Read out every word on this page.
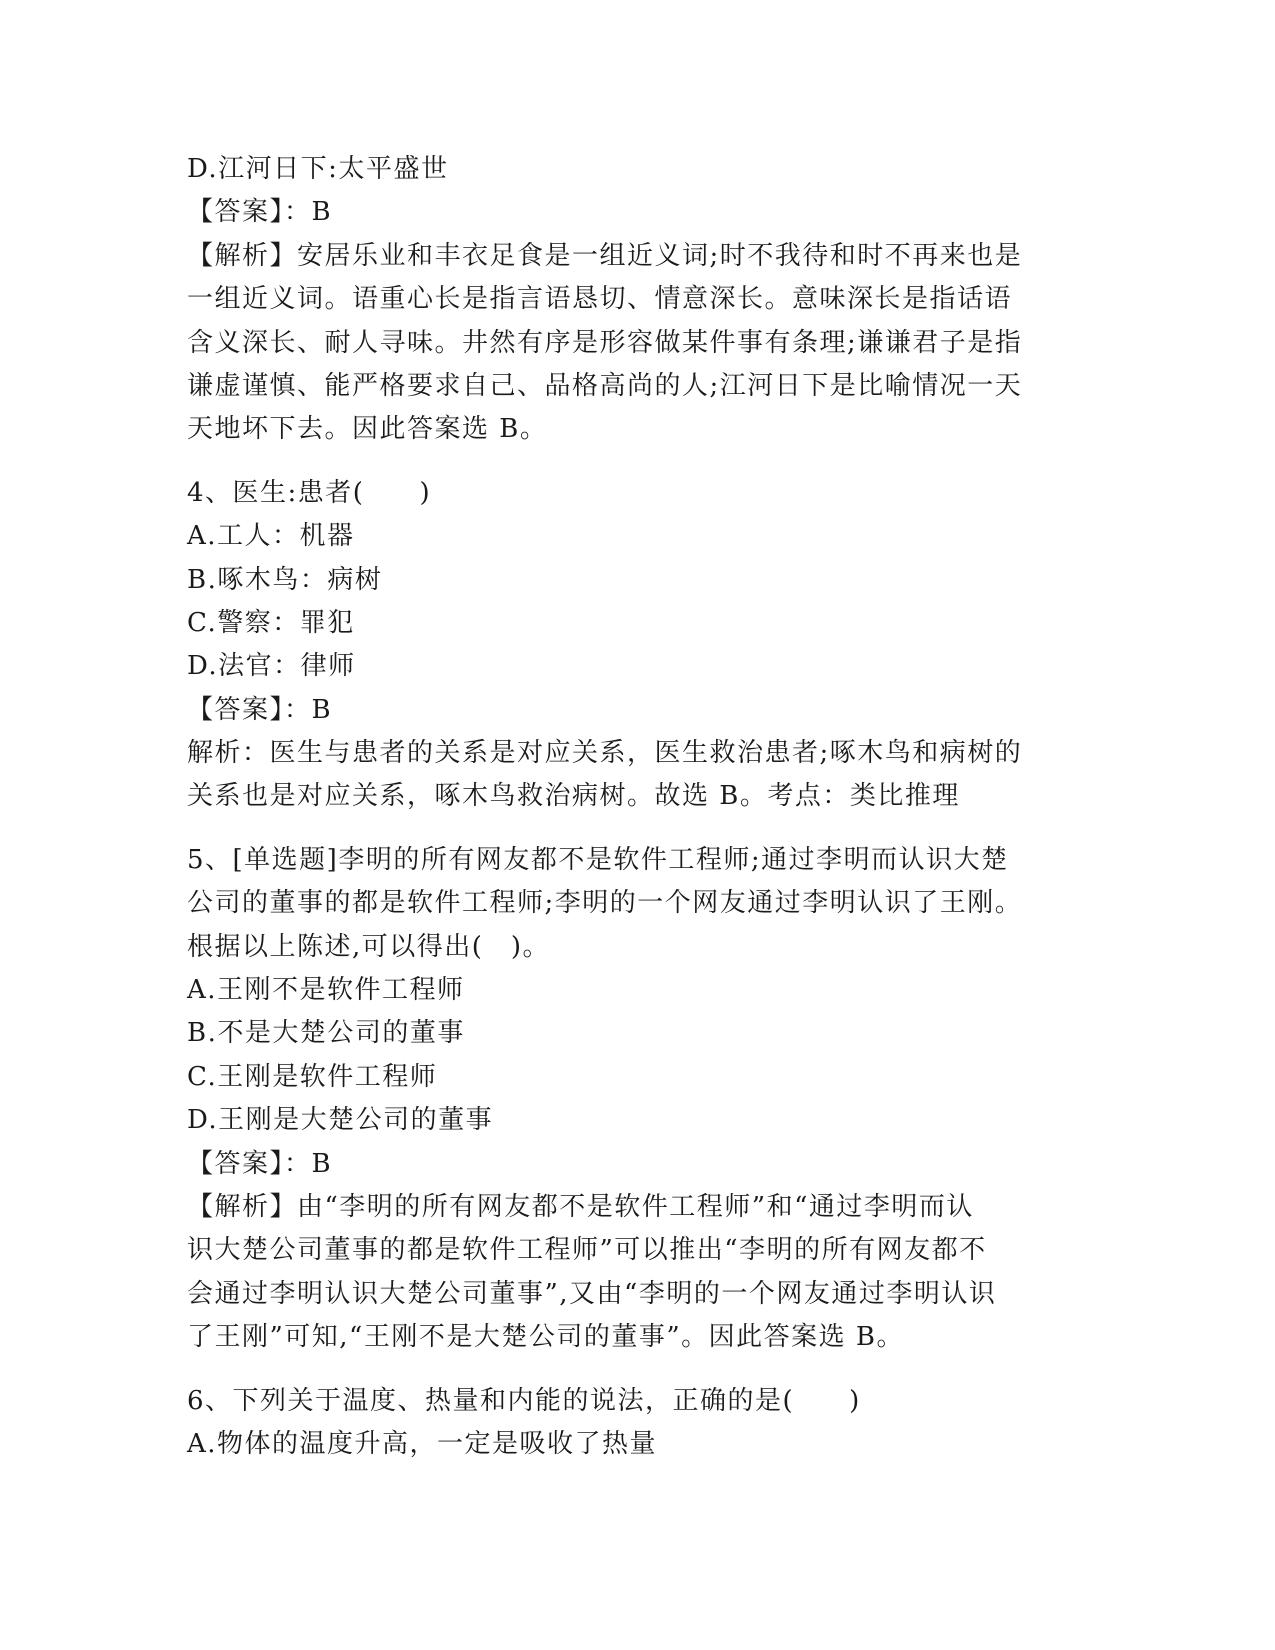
D.江河日下:太平盛世
【答案】：B
【解析】安居乐业和丰衣足食是一组近义词;时不我待和时不再来也是
一组近义词。语重心长是指言语恳切、情意深长。意味深长是指话语
含义深长、耐人寻味。井然有序是形容做某件事有条理;谦谦君子是指
谦虚谨慎、能严格要求自己、品格高尚的人;江河日下是比喻情况一天
天地坏下去。因此答案选 B。
4、医生:患者(　　)
A.工人：机器
B.啄木鸟：病树
C.警察：罪犯
D.法官：律师
【答案】：B
解析：医生与患者的关系是对应关系，医生救治患者;啄木鸟和病树的
关系也是对应关系，啄木鸟救治病树。故选 B。考点：类比推理
5、[单选题]李明的所有网友都不是软件工程师;通过李明而认识大楚
公司的董事的都是软件工程师;李明的一个网友通过李明认识了王刚。
根据以上陈述,可以得出(　)。
A.王刚不是软件工程师
B.不是大楚公司的董事
C.王刚是软件工程师
D.王刚是大楚公司的董事
【答案】：B
【解析】由“李明的所有网友都不是软件工程师”和“通过李明而认
识大楚公司董事的都是软件工程师”可以推出“李明的所有网友都不
会通过李明认识大楚公司董事”,又由“李明的一个网友通过李明认识
了王刚”可知,“王刚不是大楚公司的董事”。因此答案选 B。
6、下列关于温度、热量和内能的说法，正确的是(　　)
A.物体的温度升高，一定是吸收了热量
